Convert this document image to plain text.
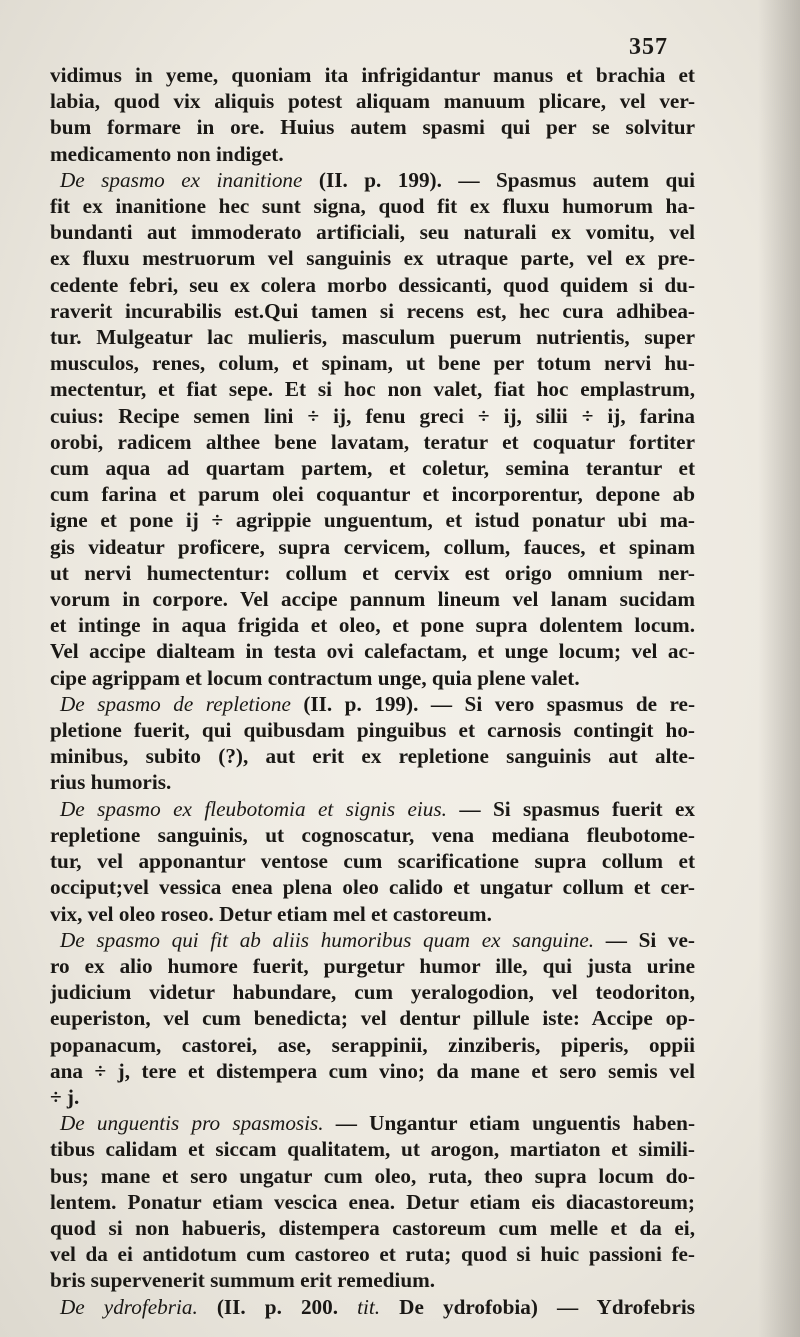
357
vidimus in yeme, quoniam ita infrigidantur manus et brachia et
labia, quod vix aliquis potest aliquam manuum plicare, vel ver-
bum formare in ore. Huius autem spasmi qui per se solvitur
medicamento non indiget.
De spasmo ex inanitione (II. p. 199). — Spasmus autem qui
fit ex inanitione hec sunt signa, quod fit ex fluxu humorum ha-
bundanti aut immoderato artificiali, seu naturali ex vomitu, vel
ex fluxu mestruorum vel sanguinis ex utraque parte, vel ex pre-
cedente febri, seu ex colera morbo dessicanti, quod quidem si du-
raverit incurabilis est.Qui tamen si recens est, hec cura adhibea-
tur. Mulgeatur lac mulieris, masculum puerum nutrientis, super
musculos, renes, colum, et spinam, ut bene per totum nervi hu-
mectentur, et fiat sepe. Et si hoc non valet, fiat hoc emplastrum,
cuius: Recipe semen lini ÷ ij, fenu greci ÷ ij, silii ÷ ij, farina
orobi, radicem althee bene lavatam, teratur et coquatur fortiter
cum aqua ad quartam partem, et coletur, semina terantur et
cum farina et parum olei coquantur et incorporentur, depone ab
igne et pone ij ÷ agrippie unguentum, et istud ponatur ubi ma-
gis videatur proficere, supra cervicem, collum, fauces, et spinam
ut nervi humectentur: collum et cervix est origo omnium ner-
vorum in corpore. Vel accipe pannum lineum vel lanam sucidam
et intinge in aqua frigida et oleo, et pone supra dolentem locum.
Vel accipe dialteam in testa ovi calefactam, et unge locum; vel ac-
cipe agrippam et locum contractum unge, quia plene valet.
De spasmo de repletione (II. p. 199). — Si vero spasmus de re-
pletione fuerit, qui quibusdam pinguibus et carnosis contingit ho-
minibus, subito (?), aut erit ex repletione sanguinis aut alte-
rius humoris.
De spasmo ex fleubotomia et signis eius. — Si spasmus fuerit ex
repletione sanguinis, ut cognoscatur, vena mediana fleubotome-
tur, vel apponantur ventose cum scarificatione supra collum et
occiput;vel vessica enea plena oleo calido et ungatur collum et cer-
vix, vel oleo roseo. Detur etiam mel et castoreum.
De spasmo qui fit ab aliis humoribus quam ex sanguine. — Si ve-
ro ex alio humore fuerit, purgetur humor ille, qui justa urine
judicium videtur habundare, cum yeralogodion, vel teodoriton,
euperiston, vel cum benedicta; vel dentur pillule iste: Accipe op-
popanacum, castorei, ase, serappinii, zinziberis, piperis, oppii
ana ÷ j, tere et distempera cum vino; da mane et sero semis vel
÷ j.
De unguentis pro spasmosis. — Ungantur etiam unguentis haben-
tibus calidam et siccam qualitatem, ut arogon, martiaton et simili-
bus; mane et sero ungatur cum oleo, ruta, theo supra locum do-
lentem. Ponatur etiam vescica enea. Detur etiam eis diacastoreum;
quod si non habueris, distempera castoreum cum melle et da ei,
vel da ei antidotum cum castoreo et ruta; quod si huic passioni fe-
bris supervenerit summum erit remedium.
De ydrofebria. (II. p. 200. tit. De ydrofobia) — Ydrofebris
